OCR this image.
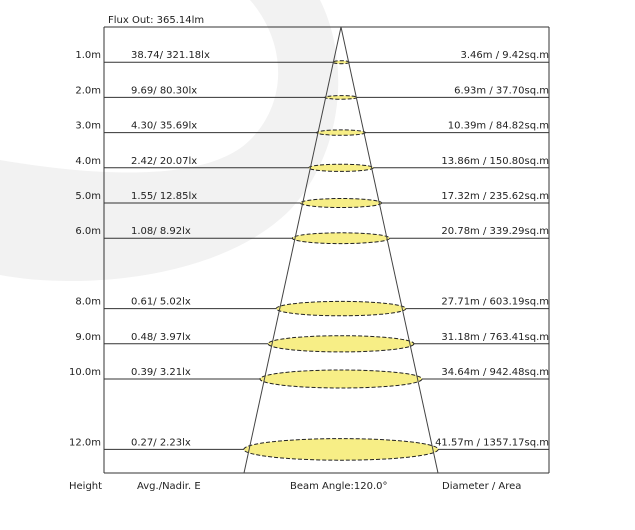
Flux Out: 365.14lm
1.0m	38.74/ 321.18lx	3.46m / 9.42sq.m
2.0m	9.69/ 80.30lx	6.93m / 37.70sq.m
3.0m	4.30/ 35.69lx	10.39m / 84.82sq.m
4.0m	2.42/ 20.07lx	13.86m / 150.80sq.m
5.0m	1.55/ 12.85lx	17.32m / 235.62sq.m
6.0m	1.08/ 8.92lx	20.78m / 339.29sq.m
8.0m	0.61/ 5.02lx	27.71m / 603.19sq.m
9.0m	0.48/ 3.97lx	31.18m / 763.41sq.m
10.0m	0.39/ 3.21lx	34.64m / 942.48sq.m
12.0m	0.27/ 2.23lx	41.57m / 1357.17sq.m
Height	Avg./Nadir. E	Beam Angle:120.0°	Diameter / Area
